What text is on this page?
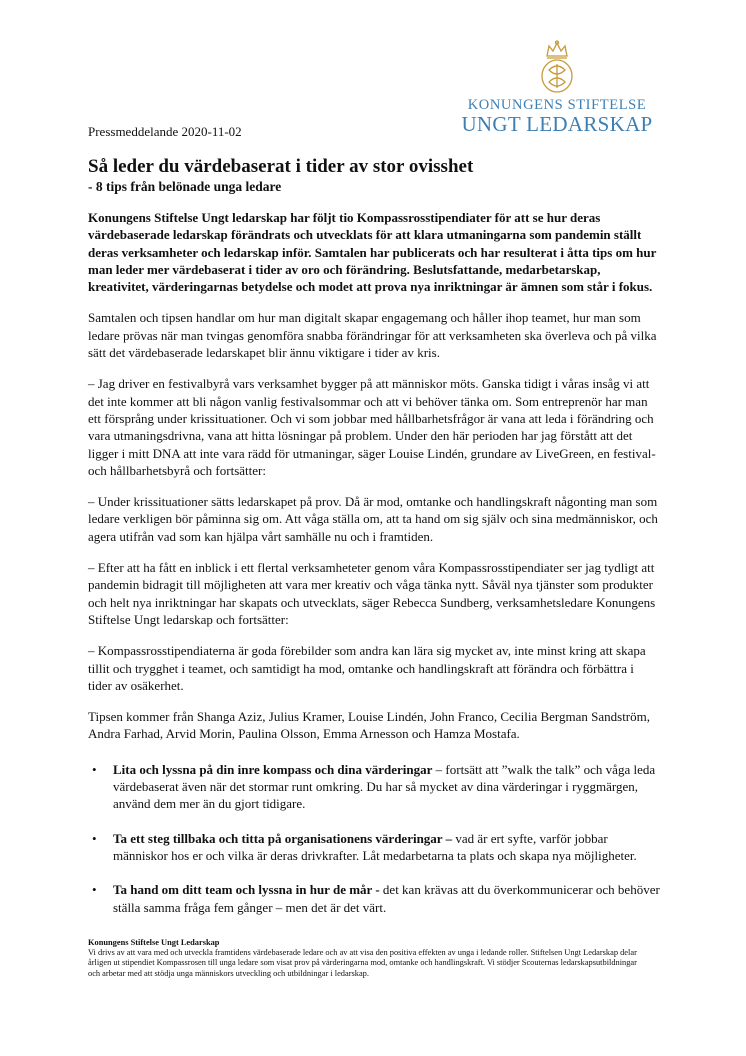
KONUNGENS STIFTELSE
UNGT LEDARSKAP
Pressmeddelande 2020-11-02
Så leder du värdebaserat i tider av stor ovisshet
- 8 tips från belönade unga ledare

Konungens Stiftelse Ungt ledarskap har följt tio Kompassrosstipendiater för att se hur deras värdebaserade ledarskap förändrats och utvecklats för att klara utmaningarna som pandemin ställt deras verksamheter och ledarskap inför. Samtalen har publicerats och har resulterat i åtta tips om hur man leder mer värdebaserat i tider av oro och förändring. Beslutsfattande, medarbetarskap, kreativitet, värderingarnas betydelse och modet att prova nya inriktningar är ämnen som står i fokus.

Samtalen och tipsen handlar om hur man digitalt skapar engagemang och håller ihop teamet, hur man som ledare prövas när man tvingas genomföra snabba förändringar för att verksamheten ska överleva och på vilka sätt det värdebaserade ledarskapet blir ännu viktigare i tider av kris.

– Jag driver en festivalbyrå vars verksamhet bygger på att människor möts. Ganska tidigt i våras insåg vi att det inte kommer att bli någon vanlig festivalsommar och att vi behöver tänka om. Som entreprenör har man ett försprång under krissituationer. Och vi som jobbar med hållbarhetsfrågor är vana att leda i förändring och vara utmaningsdrivna, vana att hitta lösningar på problem. Under den här perioden har jag förstått att det ligger i mitt DNA att inte vara rädd för utmaningar, säger Louise Lindén, grundare av LiveGreen, en festival- och hållbarhetsbyrå och fortsätter:

– Under krissituationer sätts ledarskapet på prov. Då är mod, omtanke och handlingskraft någonting man som ledare verkligen bör påminna sig om. Att våga ställa om, att ta hand om sig själv och sina medmänniskor, och agera utifrån vad som kan hjälpa vårt samhälle nu och i framtiden.

– Efter att ha fått en inblick i ett flertal verksamheteter genom våra Kompassrosstipendiater ser jag tydligt att pandemin bidragit till möjligheten att vara mer kreativ och våga tänka nytt. Såväl nya tjänster som produkter och helt nya inriktningar har skapats och utvecklats, säger Rebecca Sundberg, verksamhetsledare Konungens Stiftelse Ungt ledarskap och fortsätter:

– Kompassrosstipendiaterna är goda förebilder som andra kan lära sig mycket av, inte minst kring att skapa tillit och trygghet i teamet, och samtidigt ha mod, omtanke och handlingskraft att förändra och förbättra i tider av osäkerhet.

Tipsen kommer från Shanga Aziz, Julius Kramer, Louise Lindén, John Franco, Cecilia Bergman Sandström, Andra Farhad, Arvid Morin, Paulina Olsson, Emma Arnesson och Hamza Mostafa.

• Lita och lyssna på din inre kompass och dina värderingar – fortsätt att ”walk the talk” och våga leda värdebaserat även när det stormar runt omkring. Du har så mycket av dina värderingar i ryggmärgen, använd dem mer än du gjort tidigare.
• Ta ett steg tillbaka och titta på organisationens värderingar – vad är ert syfte, varför jobbar människor hos er och vilka är deras drivkrafter. Låt medarbetarna ta plats och skapa nya möjligheter.
• Ta hand om ditt team och lyssna in hur de mår - det kan krävas att du överkommunicerar och behöver ställa samma fråga fem gånger – men det är det värt.
Konungens Stiftelse Ungt Ledarskap
Vi drivs av att vara med och utveckla framtidens värdebaserade ledare och av att visa den positiva effekten av unga i ledande roller. Stiftelsen Ungt Ledarskap delar årligen ut stipendiet Kompassrosen till unga ledare som visat prov på värderingarna mod, omtanke och handlingskraft. Vi stödjer Scouternas ledarskapsutbildningar och arbetar med att stödja unga människors utveckling och utbildningar i ledarskap.
